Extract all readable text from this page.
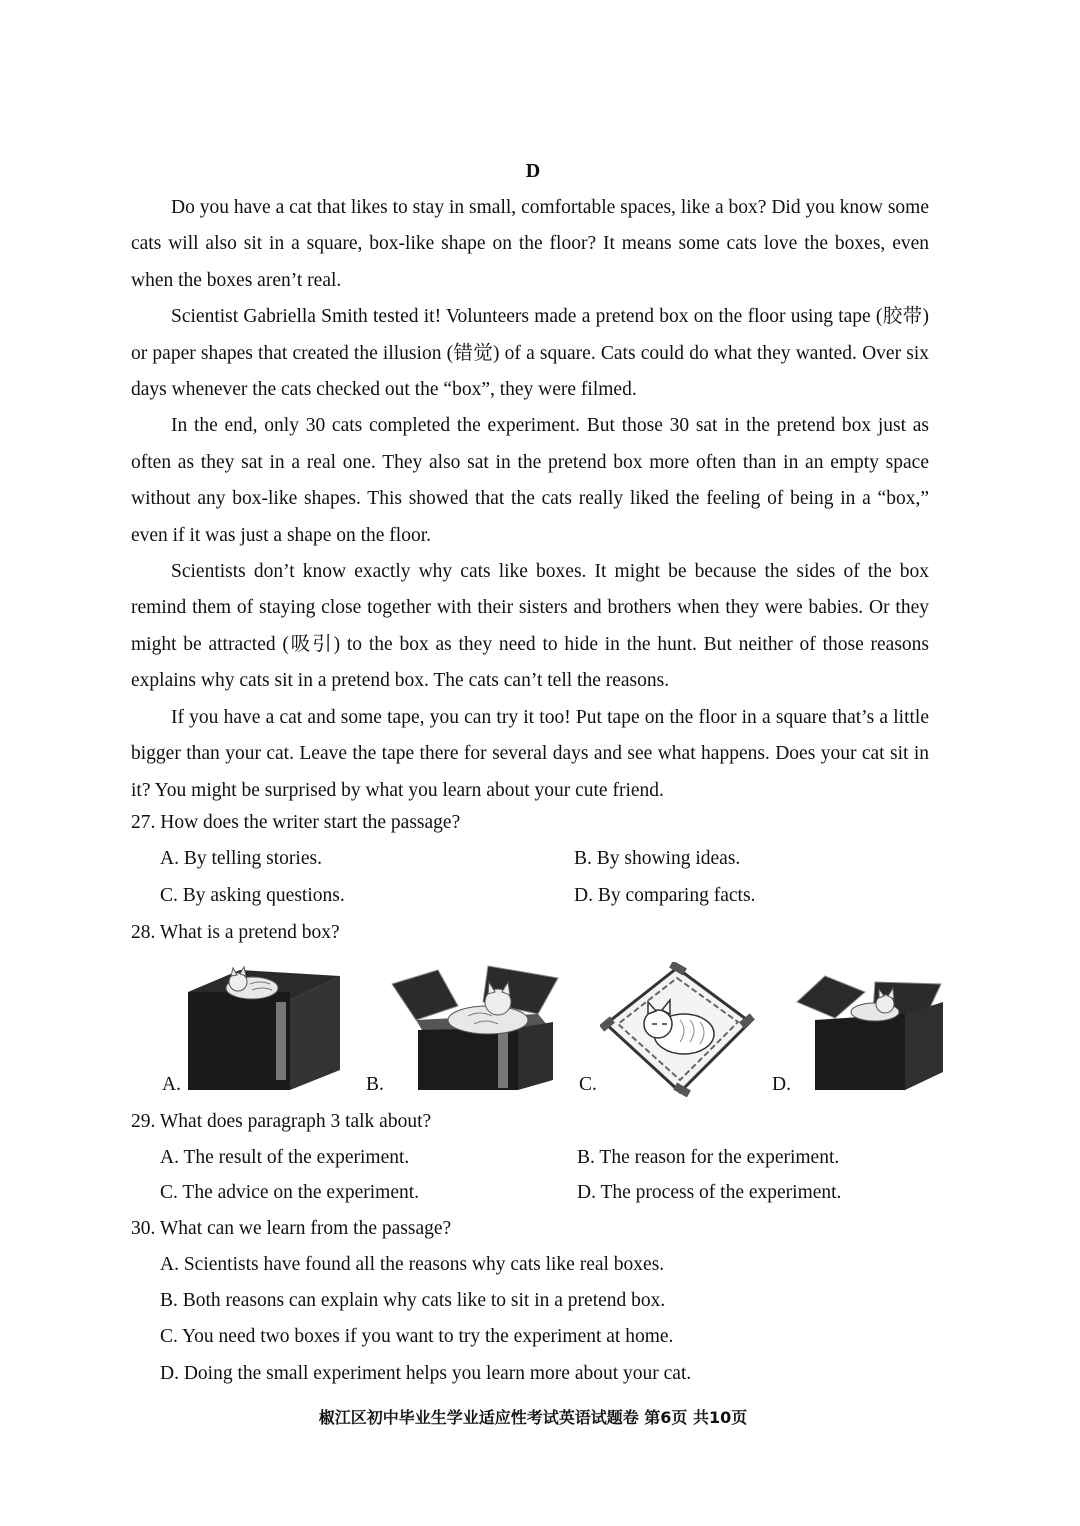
D

Do you have a cat that likes to stay in small, comfortable spaces, like a box? Did you know some cats will also sit in a square, box-like shape on the floor? It means some cats love the boxes, even when the boxes aren’t real.

Scientist Gabriella Smith tested it! Volunteers made a pretend box on the floor using tape (胶带) or paper shapes that created the illusion (错觉) of a square. Cats could do what they wanted. Over six days whenever the cats checked out the “box”, they were filmed.

In the end, only 30 cats completed the experiment. But those 30 sat in the pretend box just as often as they sat in a real one. They also sat in the pretend box more often than in an empty space without any box-like shapes. This showed that the cats really liked the feeling of being in a “box,” even if it was just a shape on the floor.

Scientists don’t know exactly why cats like boxes. It might be because the sides of the box remind them of staying close together with their sisters and brothers when they were babies. Or they might be attracted (吸引) to the box as they need to hide in the hunt. But neither of those reasons explains why cats sit in a pretend box. The cats can’t tell the reasons.

If you have a cat and some tape, you can try it too! Put tape on the floor in a square that’s a little bigger than your cat. Leave the tape there for several days and see what happens. Does your cat sit in it? You might be surprised by what you learn about your cute friend.

27. How does the writer start the passage?
A. By telling stories.	B. By showing ideas.
C. By asking questions.	D. By comparing facts.
28. What is a pretend box?
A.	B.	C.	D.
29. What does paragraph 3 talk about?
A. The result of the experiment.	B. The reason for the experiment.
C. The advice on the experiment.	D. The process of the experiment.
30. What can we learn from the passage?
A. Scientists have found all the reasons why cats like real boxes.
B. Both reasons can explain why cats like to sit in a pretend box.
C. You need two boxes if you want to try the experiment at home.
D. Doing the small experiment helps you learn more about your cat.
椒江区初中毕业生学业适应性考试英语试题卷 第6页 共10页
